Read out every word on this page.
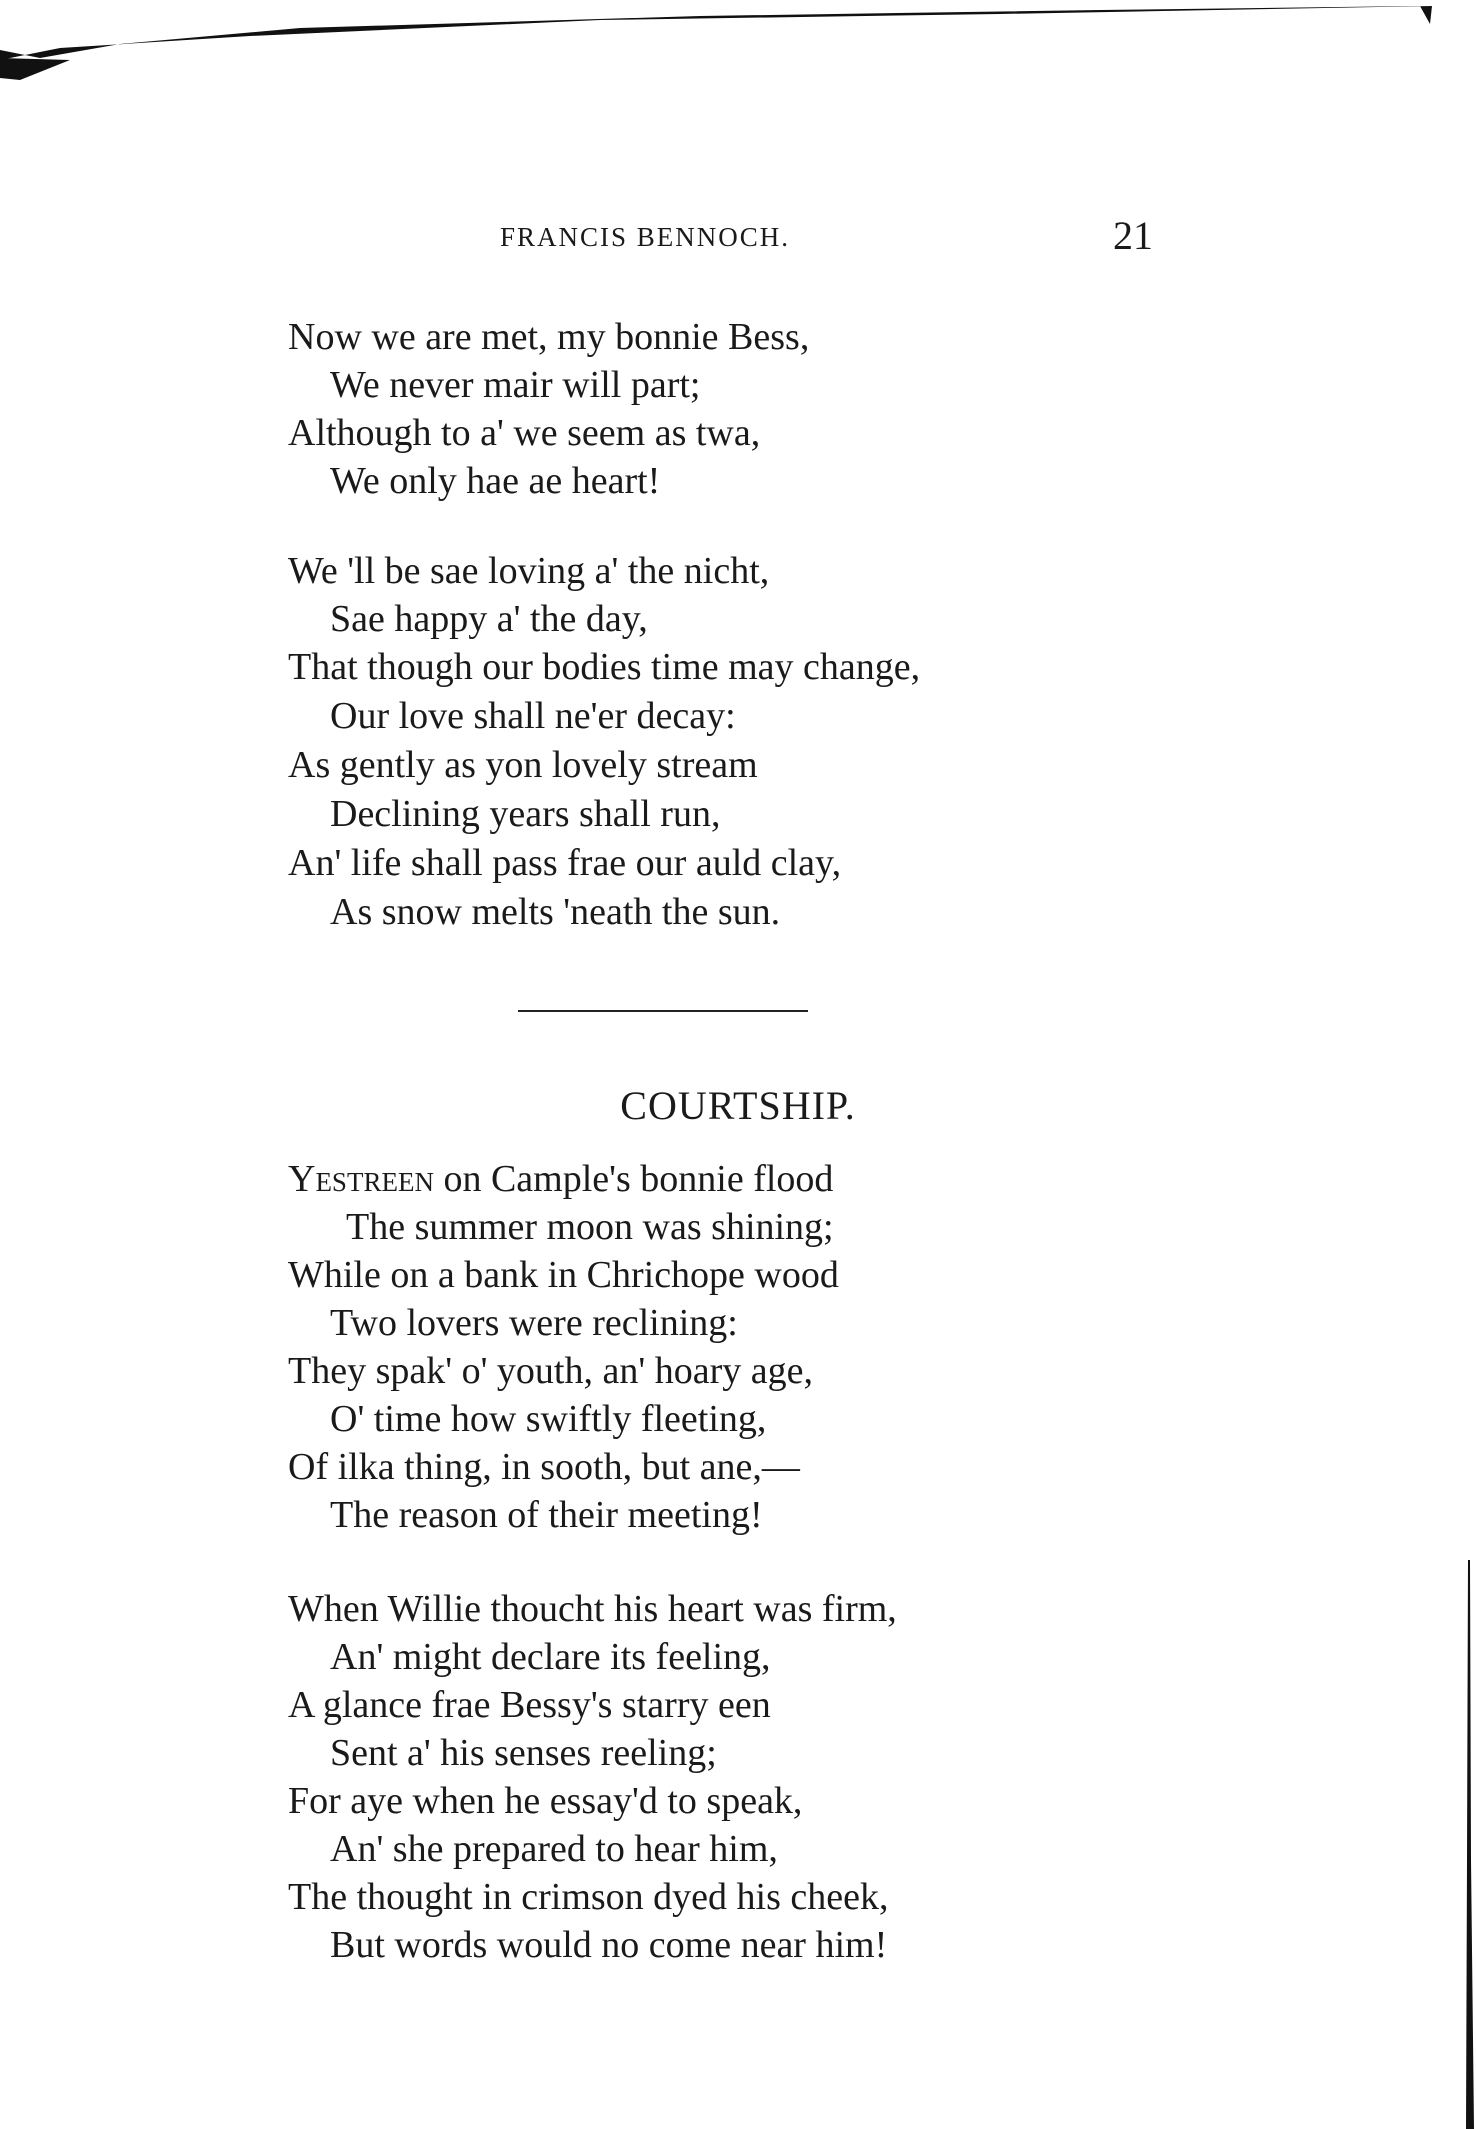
FRANCIS BENNOCH.	21
Now we are met, my bonnie Bess,
We never mair will part;
Although to a' we seem as twa,
We only hae ae heart!
We 'll be sae loving a' the nicht,
Sae happy a' the day,
That though our bodies time may change,
Our love shall ne'er decay:
As gently as yon lovely stream
Declining years shall run,
An' life shall pass frae our auld clay,
As snow melts 'neath the sun.
COURTSHIP.
Yestreen on Cample's bonnie flood
The summer moon was shining;
While on a bank in Chrichope wood
Two lovers were reclining:
They spak' o' youth, an' hoary age,
O' time how swiftly fleeting,
Of ilka thing, in sooth, but ane,—
The reason of their meeting!
When Willie thoucht his heart was firm,
An' might declare its feeling,
A glance frae Bessy's starry een
Sent a' his senses reeling;
For aye when he essay'd to speak,
An' she prepared to hear him,
The thought in crimson dyed his cheek,
But words would no come near him!
